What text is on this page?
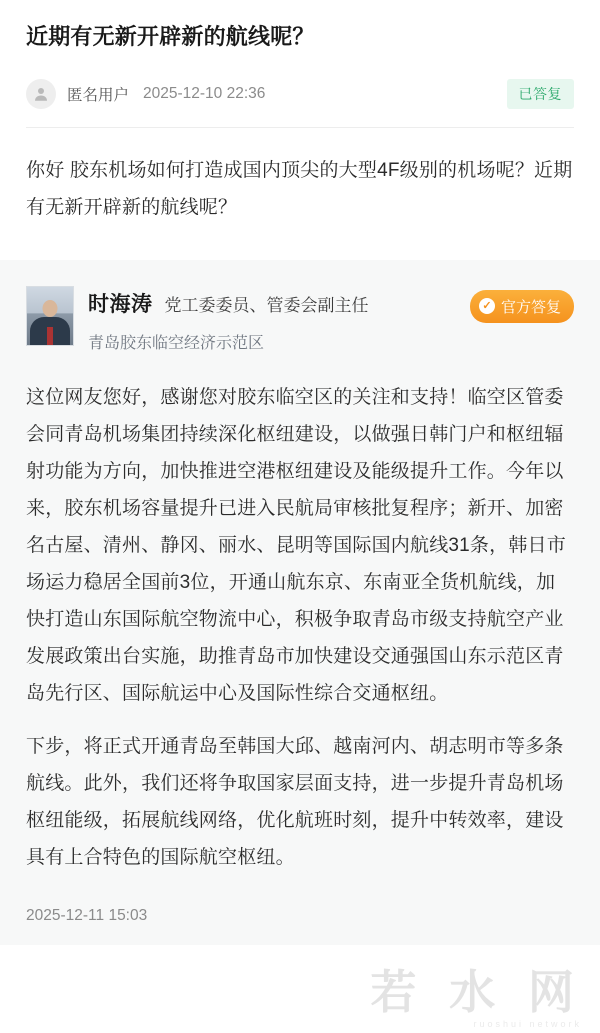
近期有无新开辟新的航线呢？
匿名用户 2025-12-10 22:36	已答复
你好 胶东机场如何打造成国内顶尖的大型4F级别的机场呢？近期有无新开辟新的航线呢？
时海涛 党工委委员、管委会副主任
青岛胶东临空经济示范区
✓ 官方答复

这位网友您好，感谢您对胶东临空区的关注和支持！临空区管委会同青岛机场集团持续深化枢纽建设，以做强日韩门户和枢纽辐射功能为方向，加快推进空港枢纽建设及能级提升工作。今年以来，胶东机场容量提升已进入民航局审核批复程序；新开、加密名古屋、清州、静冈、丽水、昆明等国际国内航线31条，韩日市场运力稳居全国前3位，开通山航东京、东南亚全货机航线，加快打造山东国际航空物流中心，积极争取青岛市级支持航空产业发展政策出台实施，助推青岛市加快建设交通强国山东示范区青岛先行区、国际航运中心及国际性综合交通枢纽。

下步，将正式开通青岛至韩国大邱、越南河内、胡志明市等多条航线。此外，我们还将争取国家层面支持，进一步提升青岛机场枢纽能级，拓展航线网络，优化航班时刻，提升中转效率，建设具有上合特色的国际航空枢纽。

2025-12-11 15:03
若 水 网
ruoshui network
